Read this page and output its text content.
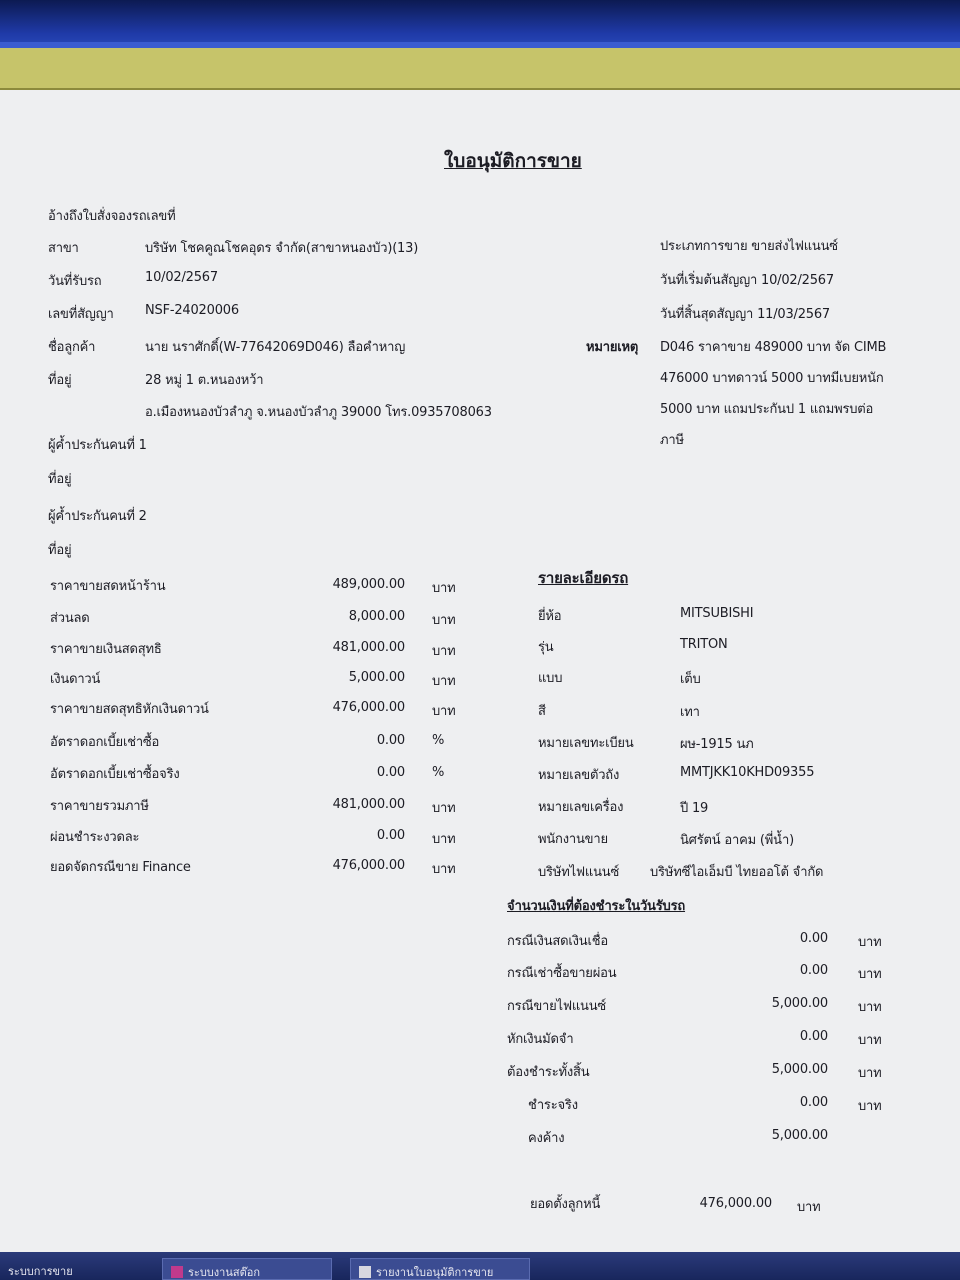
ใบอนุมัติการขาย
อ้างถึงใบสั่งจองรถเลขที่
สาขา	บริษัท โชคคูณโชคอุดร จำกัด(สาขาหนองบัว)(13)
วันที่รับรถ	10/02/2567
เลขที่สัญญา NSF-24020006
ชื่อลูกค้า	นาย นราศักดิ์(W-77642069D046) ลือคำหาญ
ที่อยู่	28 หมู่ 1 ต.หนองหว้า
อ.เมืองหนองบัวลำภู จ.หนองบัวลำภู 39000 โทร.0935708063
ผู้ค้ำประกันคนที่ 1
ที่อยู่
ผู้ค้ำประกันคนที่ 2
ที่อยู่
ประเภทการขาย ขายส่งไฟแนนซ์
วันที่เริ่มต้นสัญญา 10/02/2567
วันที่สิ้นสุดสัญญา 11/03/2567
หมายเหตุ D046 ราคาขาย 489000 บาท จัด CIMB
476000 บาทดาวน์ 5000 บาทมีเบยหนัก
5000 บาท แถมประกันป 1 แถมพรบต่อ
ภาษี
ราคาขายสดหน้าร้าน	489,000.00 บาท
ส่วนลด	8,000.00 บาท
ราคาขายเงินสดสุทธิ	481,000.00 บาท
เงินดาวน์	5,000.00 บาท
ราคาขายสดสุทธิหักเงินดาวน์	476,000.00 บาท
อัตราดอกเบี้ยเช่าซื้อ	0.00 %
อัตราดอกเบี้ยเช่าซื้อจริง	0.00 %
ราคาขายรวมภาษี	481,000.00 บาท
ผ่อนชำระงวดละ	0.00 บาท
ยอดจัดกรณีขาย Finance	476,000.00 บาท
รายละเอียดรถ
ยี่ห้อ	MITSUBISHI
รุ่น	TRITON
แบบ	เต็บ
สี	เทา
หมายเลขทะเบียน	ผษ-1915 นภ
หมายเลขตัวถัง	MMTJKK10KHD09355
หมายเลขเครื่อง	ปี 19
พนักงานขาย	นิศรัตน์ อาคม (พี่น้ำ)
บริษัทไฟแนนซ์ บริษัทซีไอเอ็มบี ไทยออโต้ จำกัด
จำนวนเงินที่ต้องชำระในวันรับรถ
กรณีเงินสดเงินเชื่อ	0.00 บาท
กรณีเช่าซื้อขายผ่อน	0.00 บาท
กรณีขายไฟแนนซ์	5,000.00 บาท
หักเงินมัดจำ	0.00 บาท
ต้องชำระทั้งสิ้น	5,000.00 บาท
ชำระจริง	0.00 บาท
คงค้าง	5,000.00
ยอดตั้งลูกหนี้	476,000.00 บาท
ระบบการขาย	ระบบงานสต๊อก	รายงานใบอนุมัติการขาย
